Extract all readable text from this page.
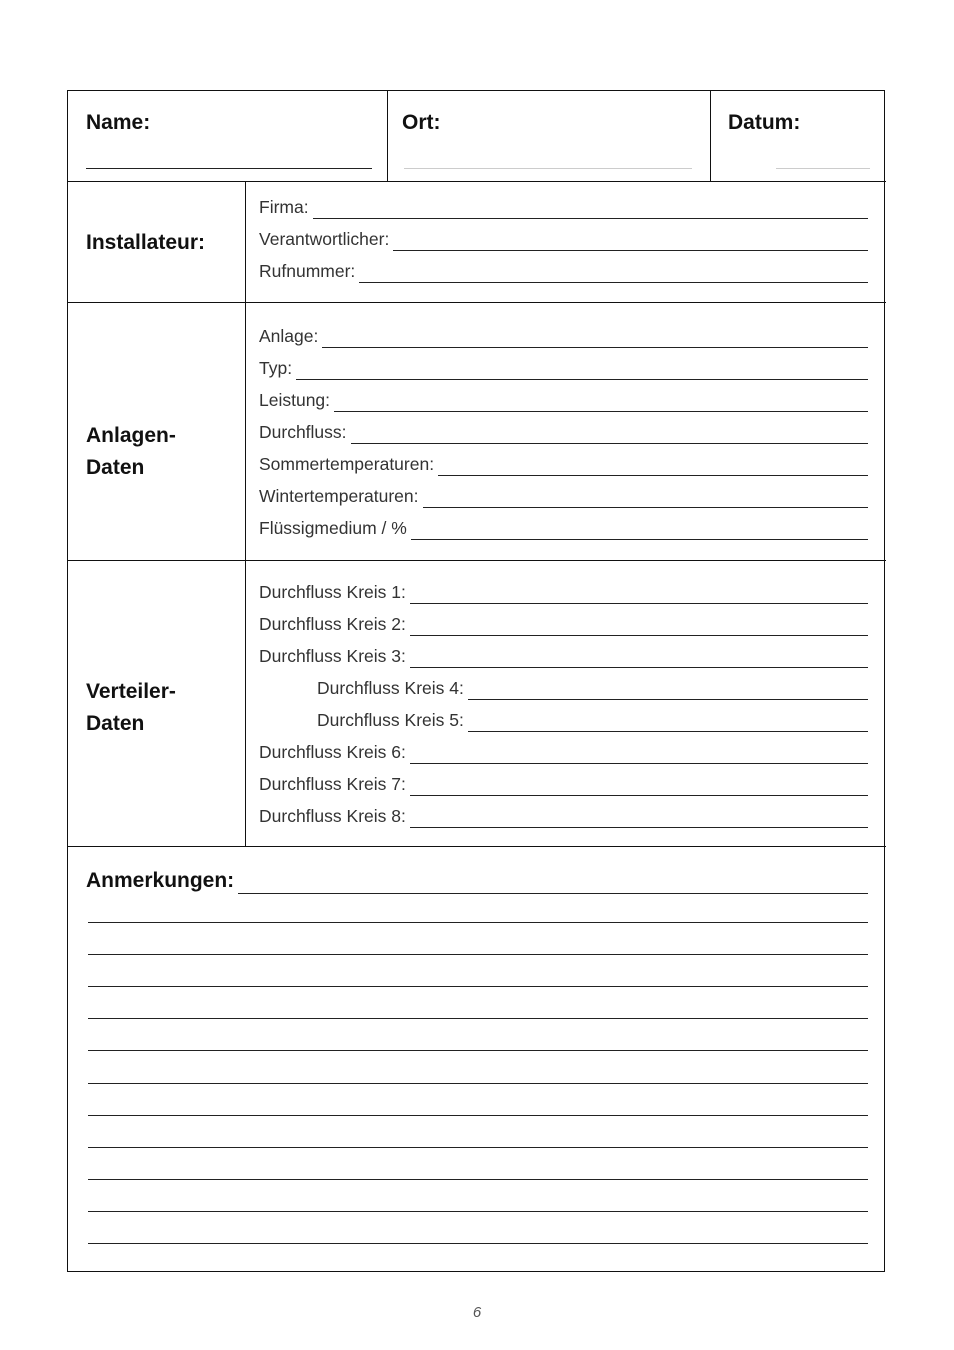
Name:	Ort:	Datum:
Installateur:
Firma:
Verantwortlicher:
Rufnummer:
Anlagen-
Daten
Anlage:
Typ:
Leistung:
Durchfluss:
Sommertemperaturen:
Wintertemperaturen:
Flüssigmedium / %
Verteiler-
Daten
Durchfluss Kreis 1:
Durchfluss Kreis 2:
Durchfluss Kreis 3:
Durchfluss Kreis 4:
Durchfluss Kreis 5:
Durchfluss Kreis 6:
Durchfluss Kreis 7:
Durchfluss Kreis 8:
Anmerkungen:
6
